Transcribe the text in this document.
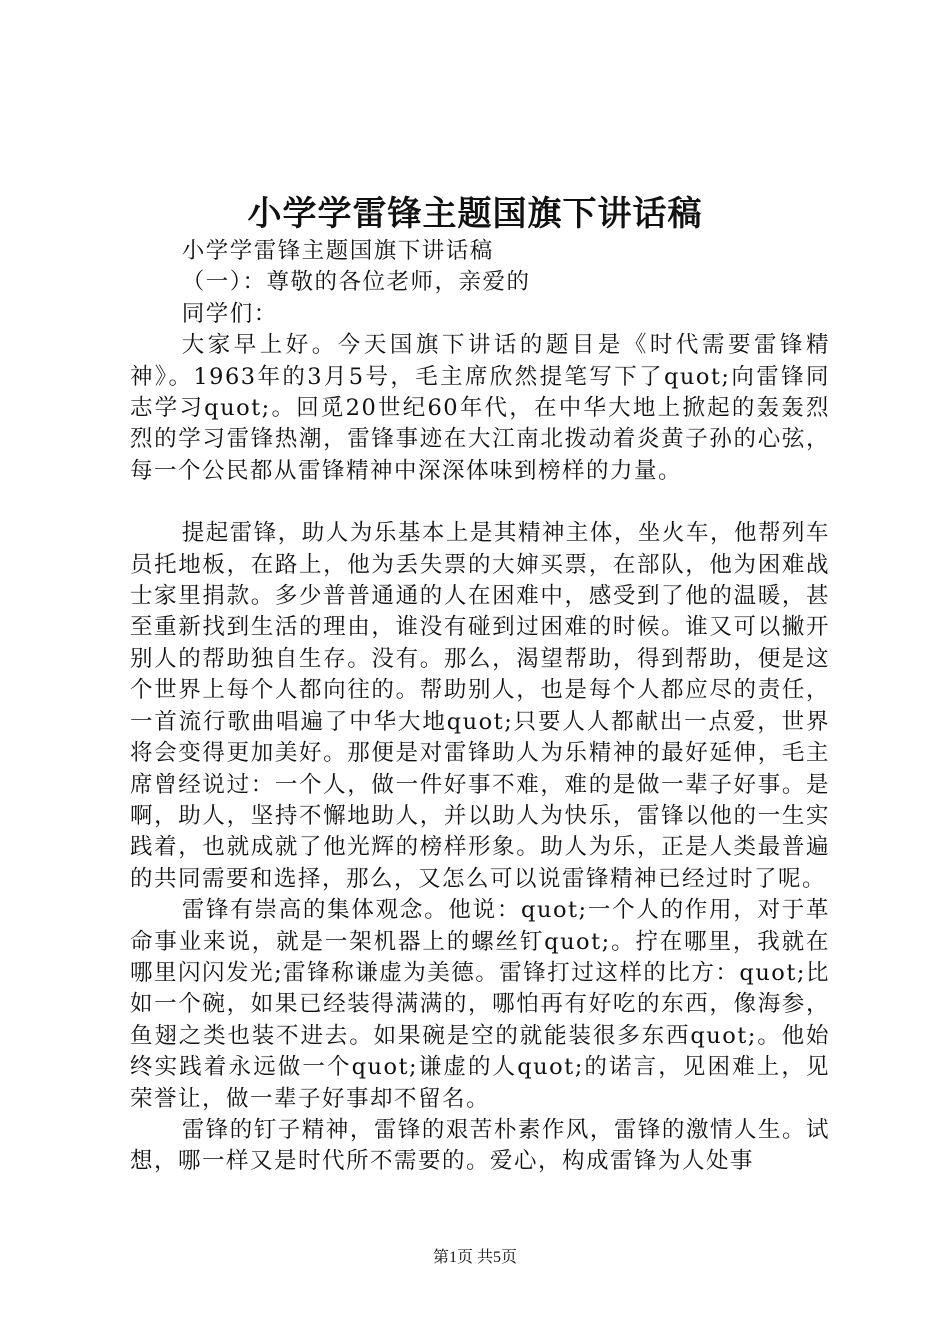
小学学雷锋主题国旗下讲话稿

小学学雷锋主题国旗下讲话稿

（一）：尊敬的各位老师，亲爱的

同学们：

大家早上好。今天国旗下讲话的题目是《时代需要雷锋精神》。1963年的3月5号，毛主席欣然提笔写下了quot;向雷锋同志学习quot;。回觅20世纪60年代，在中华大地上掀起的轰轰烈烈的学习雷锋热潮，雷锋事迹在大江南北拨动着炎黄子孙的心弦，每一个公民都从雷锋精神中深深体味到榜样的力量。

提起雷锋，助人为乐基本上是其精神主体，坐火车，他帮列车员托地板，在路上，他为丢失票的大婶买票，在部队，他为困难战士家里捐款。多少普普通通的人在困难中，感受到了他的温暖，甚至重新找到生活的理由，谁没有碰到过困难的时候。谁又可以撇开别人的帮助独自生存。没有。那么，渴望帮助，得到帮助，便是这个世界上每个人都向往的。帮助别人，也是每个人都应尽的责任，一首流行歌曲唱遍了中华大地quot;只要人人都献出一点爱，世界将会变得更加美好。那便是对雷锋助人为乐精神的最好延伸，毛主席曾经说过：一个人，做一件好事不难，难的是做一辈子好事。是啊，助人，坚持不懈地助人，并以助人为快乐，雷锋以他的一生实践着，也就成就了他光辉的榜样形象。助人为乐，正是人类最普遍的共同需要和选择，那么，又怎么可以说雷锋精神已经过时了呢。

雷锋有崇高的集体观念。他说：quot;一个人的作用，对于革命事业来说，就是一架机器上的螺丝钉quot;。拧在哪里，我就在哪里闪闪发光;雷锋称谦虚为美德。雷锋打过这样的比方：quot;比如一个碗，如果已经装得满满的，哪怕再有好吃的东西，像海参，鱼翅之类也装不进去。如果碗是空的就能装很多东西quot;。他始终实践着永远做一个quot;谦虚的人quot;的诺言，见困难上，见荣誉让，做一辈子好事却不留名。

雷锋的钉子精神，雷锋的艰苦朴素作风，雷锋的激情人生。试想，哪一样又是时代所不需要的。爱心，构成雷锋为人处事

第1页 共5页
